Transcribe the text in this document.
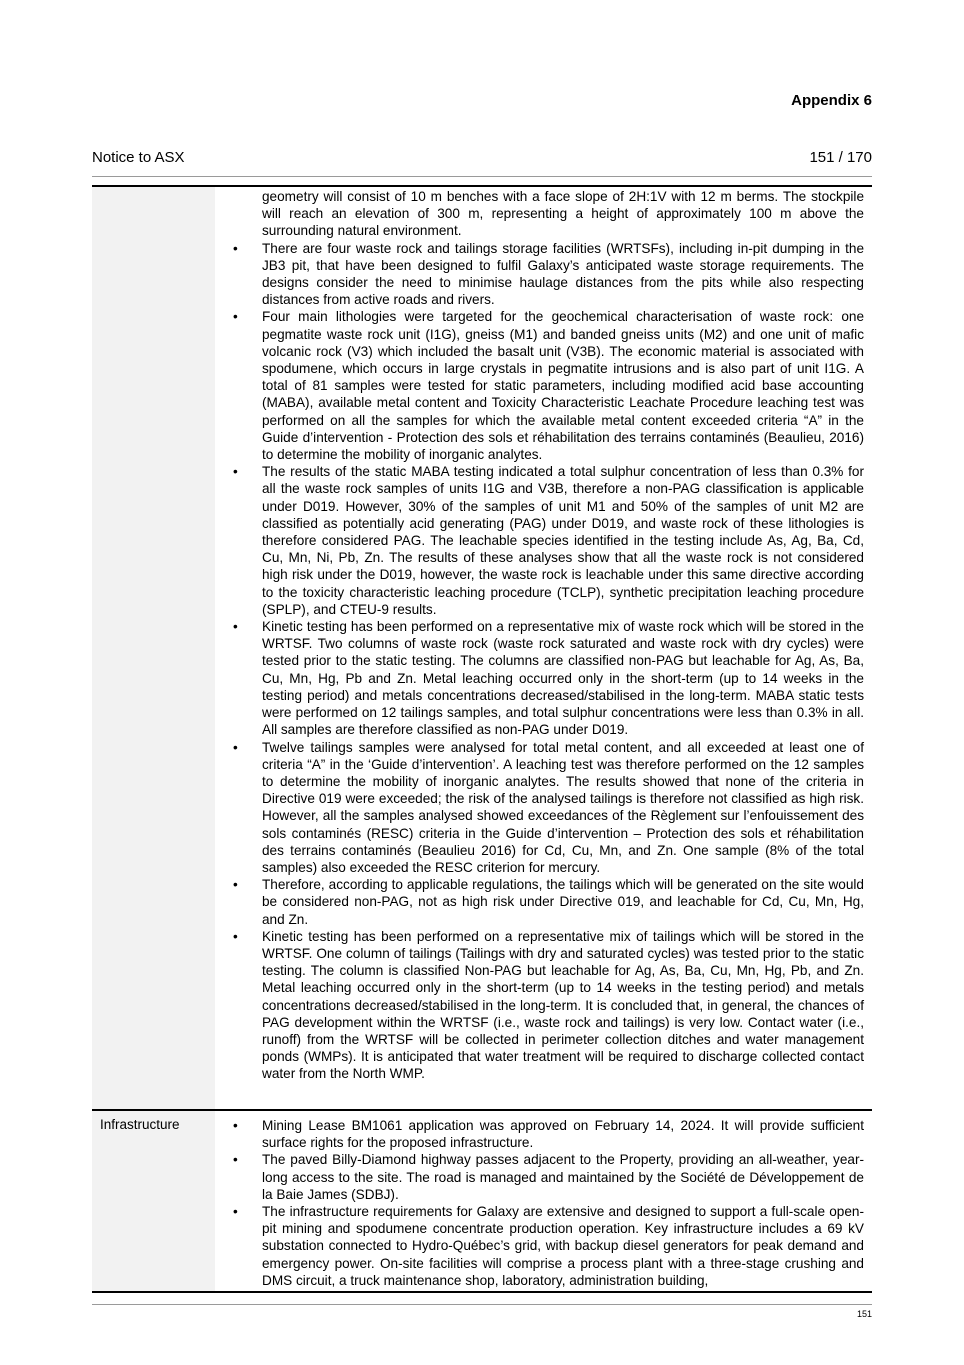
Appendix 6
Notice to ASX	151 / 170
geometry will consist of 10 m benches with a face slope of 2H:1V with 12 m berms. The stockpile will reach an elevation of 300 m, representing a height of approximately 100 m above the surrounding natural environment.
• There are four waste rock and tailings storage facilities (WRTSFs), including in-pit dumping in the JB3 pit, that have been designed to fulfil Galaxy’s anticipated waste storage requirements. The designs consider the need to minimise haulage distances from the pits while also respecting distances from active roads and rivers.
• Four main lithologies were targeted for the geochemical characterisation of waste rock: one pegmatite waste rock unit (I1G), gneiss (M1) and banded gneiss units (M2) and one unit of mafic volcanic rock (V3) which included the basalt unit (V3B). The economic material is associated with spodumene, which occurs in large crystals in pegmatite intrusions and is also part of unit I1G. A total of 81 samples were tested for static parameters, including modified acid base accounting (MABA), available metal content and Toxicity Characteristic Leachate Procedure leaching test was performed on all the samples for which the available metal content exceeded criteria “A” in the Guide d’intervention - Protection des sols et réhabilitation des terrains contaminés (Beaulieu, 2016) to determine the mobility of inorganic analytes.
• The results of the static MABA testing indicated a total sulphur concentration of less than 0.3% for all the waste rock samples of units I1G and V3B, therefore a non-PAG classification is applicable under D019. However, 30% of the samples of unit M1 and 50% of the samples of unit M2 are classified as potentially acid generating (PAG) under D019, and waste rock of these lithologies is therefore considered PAG. The leachable species identified in the testing include As, Ag, Ba, Cd, Cu, Mn, Ni, Pb, Zn. The results of these analyses show that all the waste rock is not considered high risk under the D019, however, the waste rock is leachable under this same directive according to the toxicity characteristic leaching procedure (TCLP), synthetic precipitation leaching procedure (SPLP), and CTEU-9 results.
• Kinetic testing has been performed on a representative mix of waste rock which will be stored in the WRTSF. Two columns of waste rock (waste rock saturated and waste rock with dry cycles) were tested prior to the static testing. The columns are classified non-PAG but leachable for Ag, As, Ba, Cu, Mn, Hg, Pb and Zn. Metal leaching occurred only in the short-term (up to 14 weeks in the testing period) and metals concentrations decreased/stabilised in the long-term. MABA static tests were performed on 12 tailings samples, and total sulphur concentrations were less than 0.3% in all. All samples are therefore classified as non-PAG under D019.
• Twelve tailings samples were analysed for total metal content, and all exceeded at least one of criteria “A” in the ‘Guide d’intervention’. A leaching test was therefore performed on the 12 samples to determine the mobility of inorganic analytes. The results showed that none of the criteria in Directive 019 were exceeded; the risk of the analysed tailings is therefore not classified as high risk. However, all the samples analysed showed exceedances of the Règlement sur l’enfouissement des sols contaminés (RESC) criteria in the Guide d’intervention – Protection des sols et réhabilitation des terrains contaminés (Beaulieu 2016) for Cd, Cu, Mn, and Zn. One sample (8% of the total samples) also exceeded the RESC criterion for mercury.
• Therefore, according to applicable regulations, the tailings which will be generated on the site would be considered non-PAG, not as high risk under Directive 019, and leachable for Cd, Cu, Mn, Hg, and Zn.
• Kinetic testing has been performed on a representative mix of tailings which will be stored in the WRTSF. One column of tailings (Tailings with dry and saturated cycles) was tested prior to the static testing. The column is classified Non-PAG but leachable for Ag, As, Ba, Cu, Mn, Hg, Pb, and Zn. Metal leaching occurred only in the short-term (up to 14 weeks in the testing period) and metals concentrations decreased/stabilised in the long-term. It is concluded that, in general, the chances of PAG development within the WRTSF (i.e., waste rock and tailings) is very low. Contact water (i.e., runoff) from the WRTSF will be collected in perimeter collection ditches and water management ponds (WMPs). It is anticipated that water treatment will be required to discharge collected contact water from the North WMP.
Infrastructure	• Mining Lease BM1061 application was approved on February 14, 2024. It will provide sufficient surface rights for the proposed infrastructure.
• The paved Billy-Diamond highway passes adjacent to the Property, providing an all-weather, year-long access to the site. The road is managed and maintained by the Société de Développement de la Baie James (SDBJ).
• The infrastructure requirements for Galaxy are extensive and designed to support a full-scale open-pit mining and spodumene concentrate production operation. Key infrastructure includes a 69 kV substation connected to Hydro-Québec’s grid, with backup diesel generators for peak demand and emergency power. On-site facilities will comprise a process plant with a three-stage crushing and DMS circuit, a truck maintenance shop, laboratory, administration building,
151
